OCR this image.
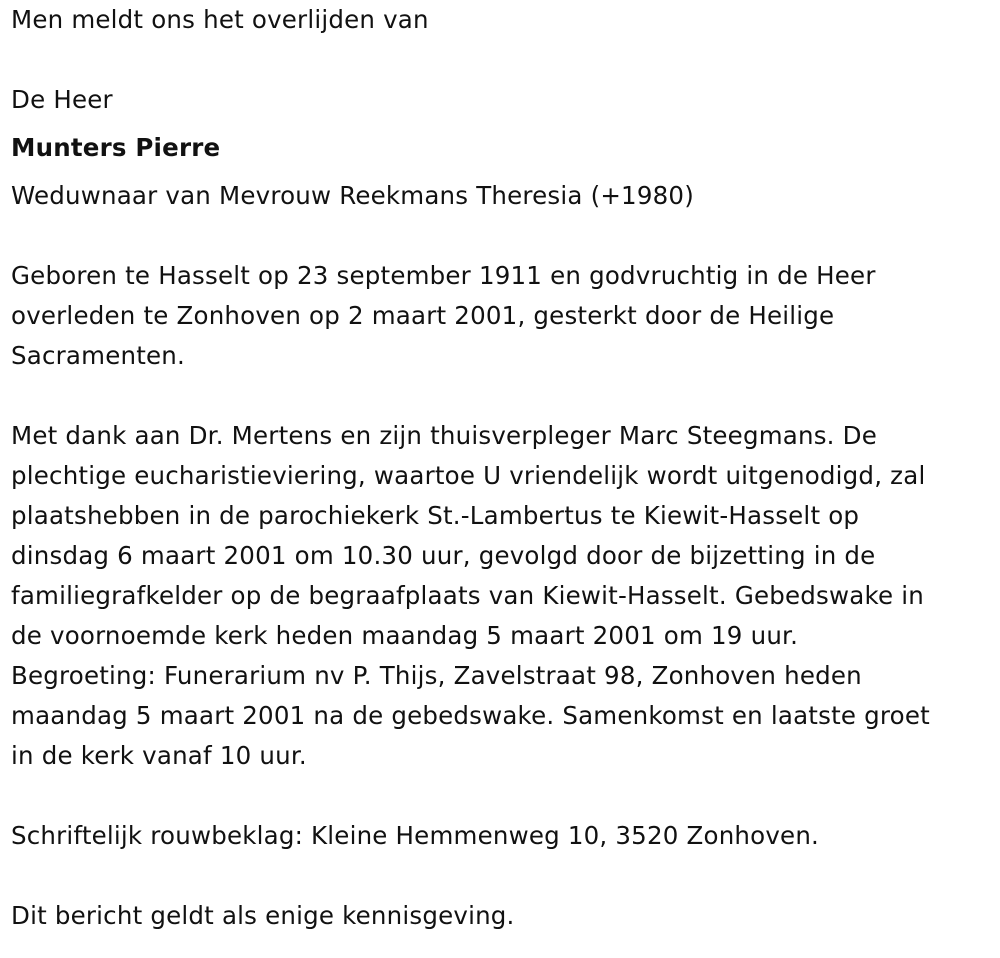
Men meldt ons het overlijden van
De Heer
Munters Pierre
Weduwnaar van Mevrouw Reekmans Theresia (+1980)
Geboren te Hasselt op 23 september 1911 en godvruchtig in de Heer
overleden te Zonhoven op 2 maart 2001, gesterkt door de Heilige
Sacramenten.
Met dank aan Dr. Mertens en zijn thuisverpleger Marc Steegmans. De
plechtige eucharistieviering, waartoe U vriendelijk wordt uitgenodigd, zal
plaatshebben in de parochiekerk St.-Lambertus te Kiewit-Hasselt op
dinsdag 6 maart 2001 om 10.30 uur, gevolgd door de bijzetting in de
familiegrafkelder op de begraafplaats van Kiewit-Hasselt. Gebedswake in
de voornoemde kerk heden maandag 5 maart 2001 om 19 uur.
Begroeting: Funerarium nv P. Thijs, Zavelstraat 98, Zonhoven heden
maandag 5 maart 2001 na de gebedswake. Samenkomst en laatste groet
in de kerk vanaf 10 uur.
Schriftelijk rouwbeklag: Kleine Hemmenweg 10, 3520 Zonhoven.
Dit bericht geldt als enige kennisgeving.
